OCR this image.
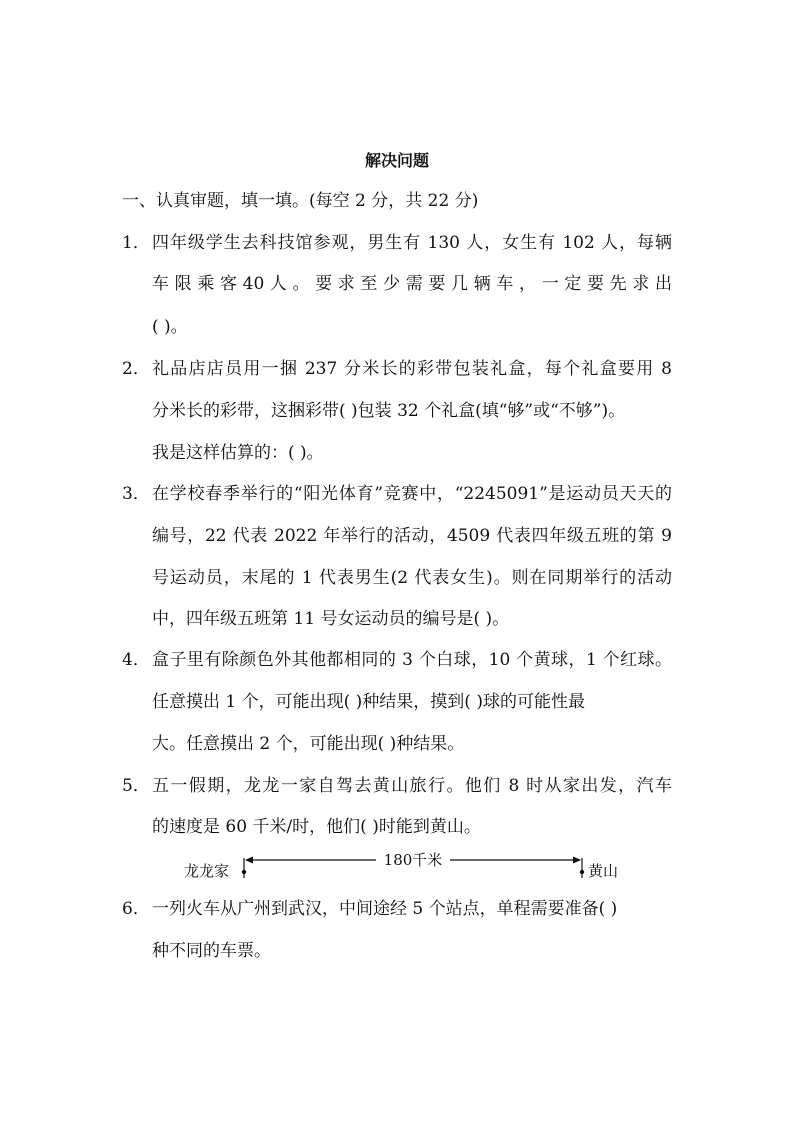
解决问题
一、认真审题，填一填。(每空 2 分，共 22 分)
1． 四年级学生去科技馆参观，男生有 130 人，女生有 102 人，每辆
车 限 乘 客 40 人 。 要 求 至 少 需 要 几 辆 车 ， 一 定 要 先 求 出
( )。
2． 礼品店店员用一捆 237 分米长的彩带包装礼盒，每个礼盒要用 8
分米长的彩带，这捆彩带( )包装 32 个礼盒(填“够”或“不够”)。
我是这样估算的：( )。
3． 在学校春季举行的“阳光体育”竞赛中，“2245091”是运动员天天的
编号，22 代表 2022 年举行的活动，4509 代表四年级五班的第 9
号运动员，末尾的 1 代表男生(2 代表女生)。则在同期举行的活动
中，四年级五班第 11 号女运动员的编号是( )。
4． 盒子里有除颜色外其他都相同的 3 个白球，10 个黄球，1 个红球。
任意摸出 1 个，可能出现( )种结果，摸到( )球的可能性最
大。任意摸出 2 个，可能出现( )种结果。
5． 五一假期，龙龙一家自驾去黄山旅行。他们 8 时从家出发，汽车
的速度是 60 千米/时，他们( )时能到黄山。
龙龙家
180千米
黄山
6． 一列火车从广州到武汉，中间途经 5 个站点，单程需要准备( )
种不同的车票。
